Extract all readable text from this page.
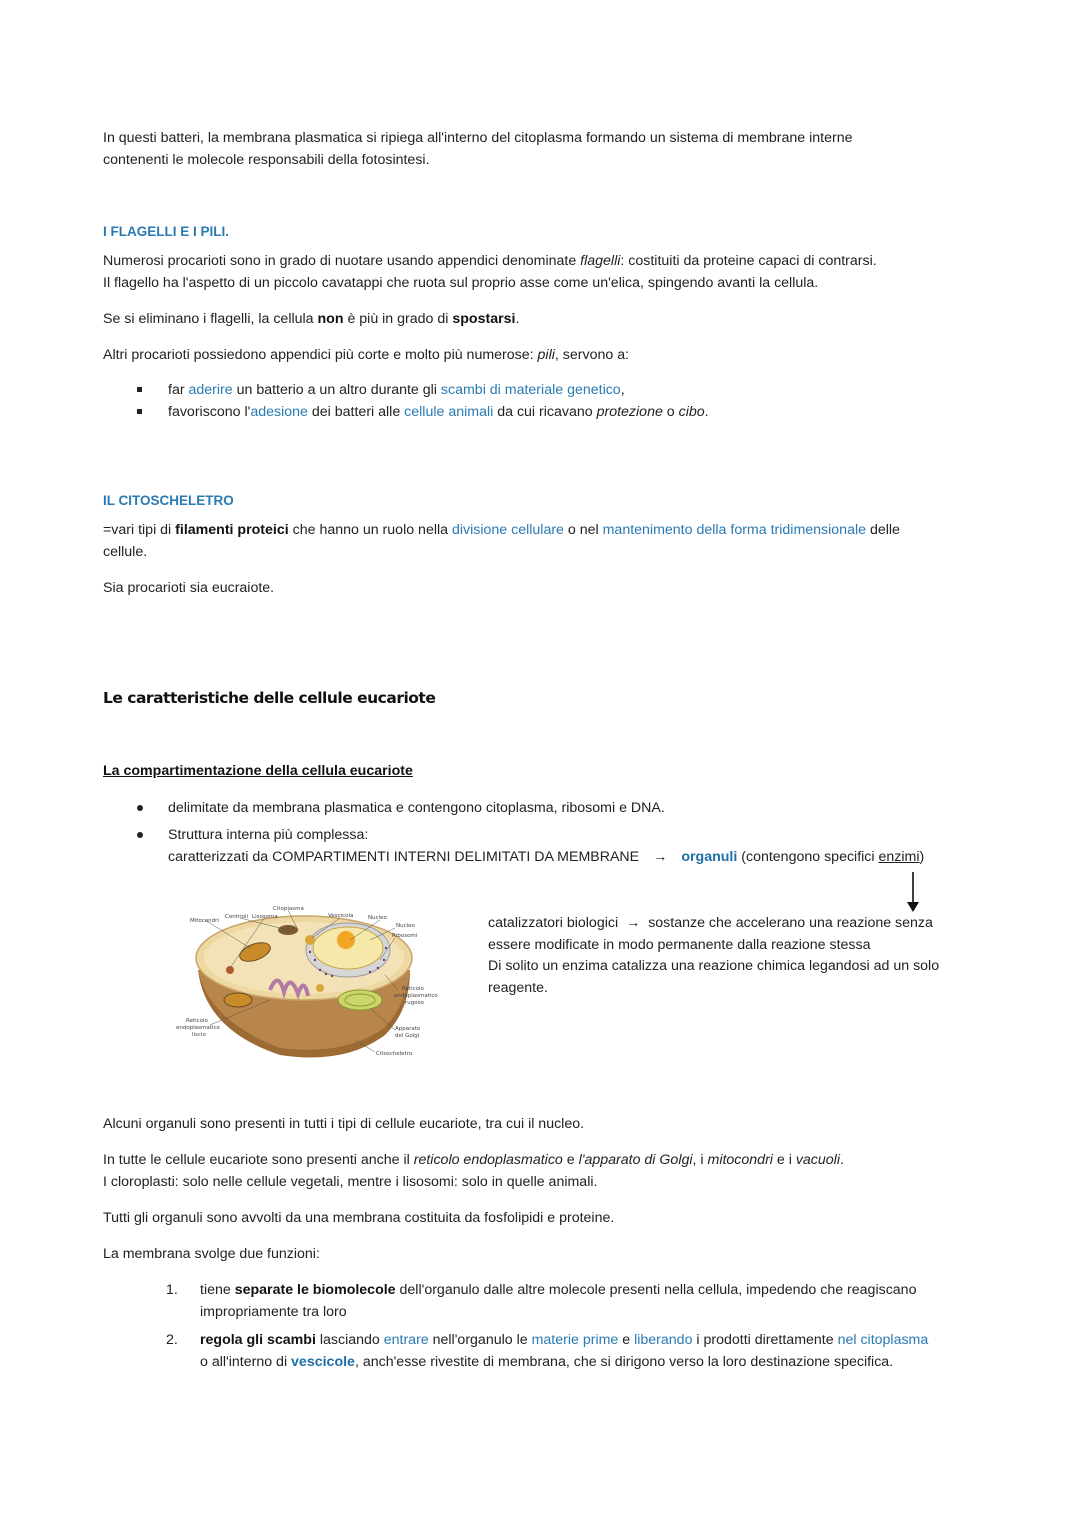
In questi batteri, la membrana plasmatica si ripiega all'interno del citoplasma formando un sistema di membrane interne
contenenti le molecole responsabili della fotosintesi.
I FLAGELLI E I PILI.
Numerosi procarioti sono in grado di nuotare usando appendici denominate flagelli: costituiti da proteine capaci di contrarsi.
Il flagello ha l'aspetto di un piccolo cavatappi che ruota sul proprio asse come un'elica, spingendo avanti la cellula.
Se si eliminano i flagelli, la cellula non è più in grado di spostarsi.
Altri procarioti possiedono appendici più corte e molto più numerose: pili, servono a:
far aderire un batterio a un altro durante gli scambi di materiale genetico,
favoriscono l'adesione dei batteri alle cellule animali da cui ricavano protezione o cibo.
IL CITOSCHELETRO
=vari tipi di filamenti proteici che hanno un ruolo nella divisione cellulare o nel mantenimento della forma tridimensionale delle
cellule.
Sia procarioti sia eucraiote.
Le caratteristiche delle cellule eucariote
La compartimentazione della cellula eucariote
delimitate da membrana plasmatica e contengono citoplasma, ribosomi e DNA.
Struttura interna più complessa:
caratterizzati da COMPARTIMENTI INTERNI DELIMITATI DA MEMBRANE → organuli (contengono specifici enzimi)
catalizzatori biologici → sostanze che accelerano una reazione senza
essere modificate in modo permanente dalla reazione stessa
Di solito un enzima catalizza una reazione chimica legandosi ad un solo
reagente.
Mitocondri
Centrioli Lisosoma
Citoplasma
Vescicola	Nucleo
Nucleo
Ribosomi
Reticolo
endoplasmatico
rugoso
Reticolo
endoplasmatico
liscio
Apparato
del Golgi
Citoscheletro
Alcuni organuli sono presenti in tutti i tipi di cellule eucariote, tra cui il nucleo.
In tutte le cellule eucariote sono presenti anche il reticolo endoplasmatico e l'apparato di Golgi, i mitocondri e i vacuoli.
I cloroplasti: solo nelle cellule vegetali, mentre i lisosomi: solo in quelle animali.
Tutti gli organuli sono avvolti da una membrana costituita da fosfolipidi e proteine.
La membrana svolge due funzioni:
1. tiene separate le biomolecole dell'organulo dalle altre molecole presenti nella cellula, impedendo che reagiscano
impropriamente tra loro
2. regola gli scambi lasciando entrare nell'organulo le materie prime e liberando i prodotti direttamente nel citoplasma
o all'interno di vescicole, anch'esse rivestite di membrana, che si dirigono verso la loro destinazione specifica.
